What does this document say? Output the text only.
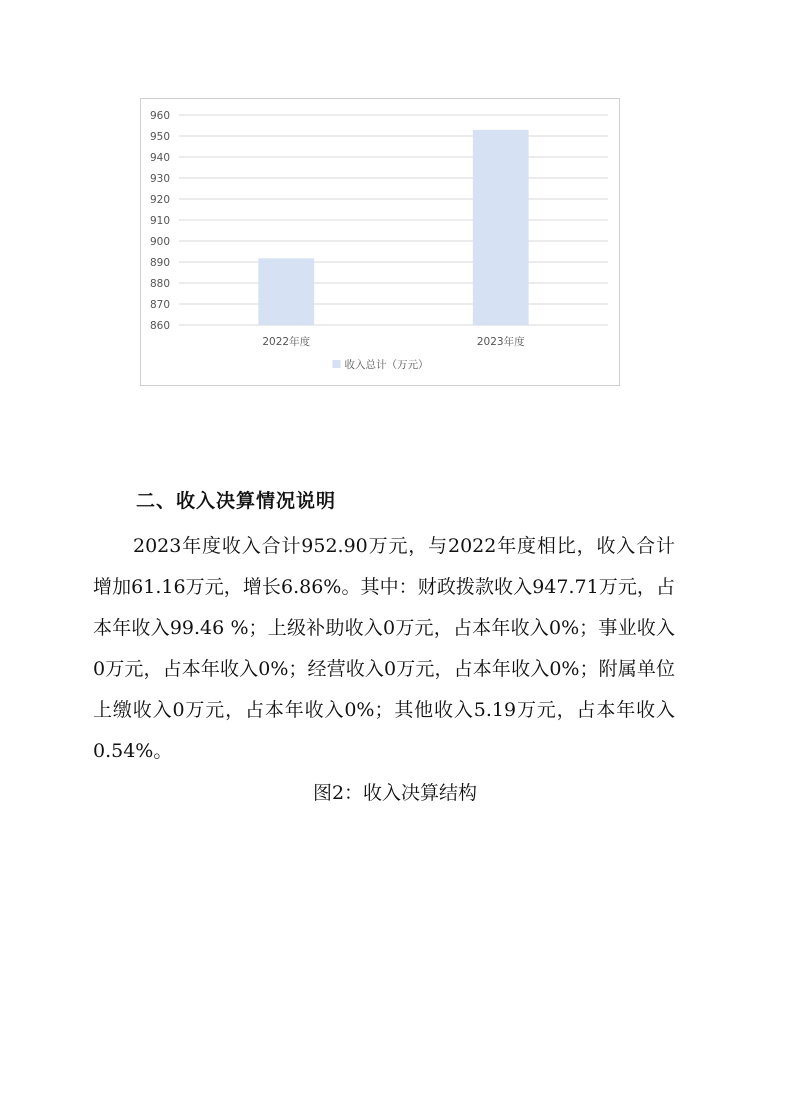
860
870
880
890
900
910
920
930
940
950
960
2022年度	2023年度
收入总计（万元）
二、收入决算情况说明

2023年度收入合计952.90万元，与2022年度相比，收入合计增加61.16万元，增长6.86%。其中：财政拨款收入947.71万元，占本年收入99.46 %；上级补助收入0万元，占本年收入0%；事业收入0万元，占本年收入0%；经营收入0万元，占本年收入0%；附属单位上缴收入0万元，占本年收入0%；其他收入5.19万元，占本年收入0.54%。

图2：收入决算结构
